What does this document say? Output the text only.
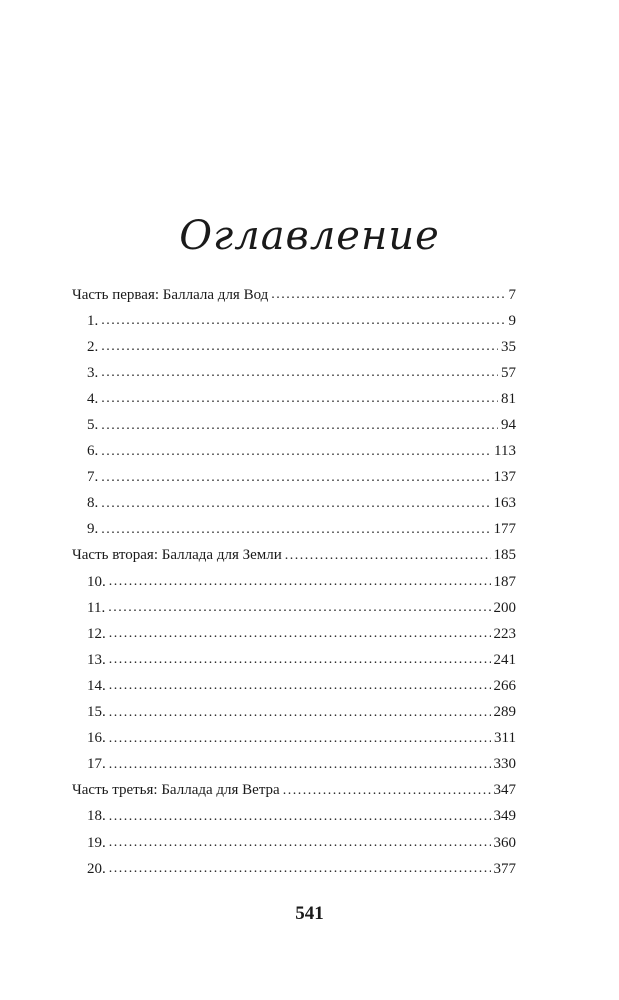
Оглавление
Часть первая: Баллала для Вод . . .	7
1. . . .	9
2. . . .	35
3. . . .	57
4. . . .	81
5. . . .	94
6. . . .	113
7. . . .	137
8. . . .	163
9. . . .	177
Часть вторая: Баллада для Земли . . .	185
10. . . .	187
11. . . .	200
12. . . .	223
13. . . .	241
14. . . .	266
15. . . .	289
16. . . .	311
17. . . .	330
Часть третья: Баллада для Ветра . . .	347
18. . . .	349
19. . . .	360
20. . . .	377
541
